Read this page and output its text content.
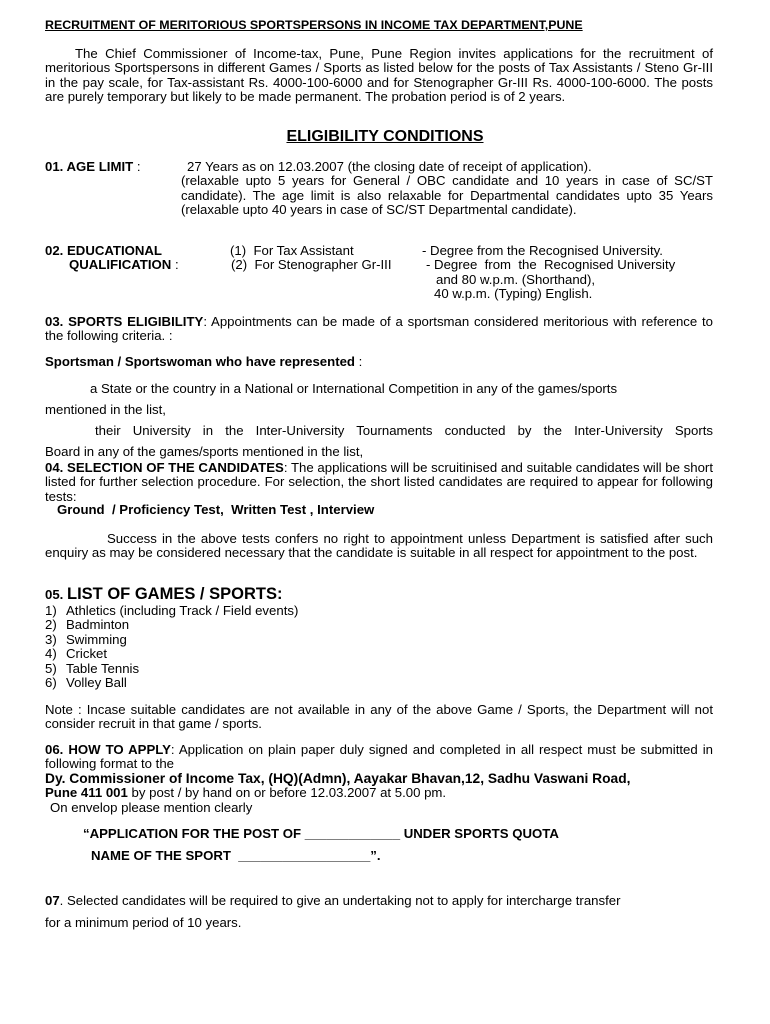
RECRUITMENT OF MERITORIOUS SPORTSPERSONS IN INCOME TAX DEPARTMENT,PUNE

The Chief Commissioner of Income-tax, Pune, Pune Region invites applications for the recruitment of meritorious Sportspersons in different Games / Sports as listed below for the posts of Tax Assistants / Steno Gr-III in the pay scale, for Tax-assistant Rs. 4000-100-6000 and for Stenographer Gr-III Rs. 4000-100-6000. The posts are purely temporary but likely to be made permanent. The probation period is of 2 years.

ELIGIBILITY CONDITIONS
01. AGE LIMIT :	27 Years as on 12.03.2007 (the closing date of receipt of application).

(relaxable upto 5 years for General / OBC candidate and 10 years in case of SC/ST candidate). The age limit is also relaxable for Departmental candidates upto 35 Years (relaxable upto 40 years in case of SC/ST Departmental candidate).

02. EDUCATIONAL	(1)  For Tax Assistant	- Degree from the Recognised University.
QUALIFICATION :	(2)  For Stenographer Gr-III	- Degree  from  the  Recognised University
and 80 w.p.m. (Shorthand),
40 w.p.m. (Typing) English.

03. SPORTS ELIGIBILITY: Appointments can be made of a sportsman considered meritorious with reference to the following criteria. :

Sportsman / Sportswoman who have represented :
a State or the country in a National or International Competition in any of the games/sports
mentioned in the list,
their University in the Inter-University Tournaments conducted by the Inter-University Sports
Board in any of the games/sports mentioned in the list,

04. SELECTION OF THE CANDIDATES: The applications will be scruitinised and suitable candidates will be short listed for further selection procedure. For selection, the short listed candidates are required to appear for following tests:

Ground  / Proficiency Test,  Written Test , Interview

Success in the above tests confers no right to appointment unless Department is satisfied after such enquiry as may be considered necessary that the candidate is suitable in all respect for appointment to the post.

05. LIST OF GAMES / SPORTS:
1) Athletics (including Track / Field events)
2) Badminton
3) Swimming
4) Cricket
5) Table Tennis
6) Volley Ball

Note : Incase suitable candidates are not available in any of the above Game / Sports, the Department will not consider recruit in that game / sports.

06. HOW TO APPLY: Application on plain paper duly signed and completed in all respect must be submitted in following format to the

Dy. Commissioner of Income Tax, (HQ)(Admn), Aayakar Bhavan,12, Sadhu Vaswani Road,
Pune 411 001 by post / by hand on or before 12.03.2007 at 5.00 pm.
On envelop please mention clearly
“APPLICATION FOR THE POST OF _____________ UNDER SPORTS QUOTA
NAME OF THE SPORT  __________________”.
07. Selected candidates will be required to give an undertaking not to apply for intercharge transfer
for a minimum period of 10 years.
